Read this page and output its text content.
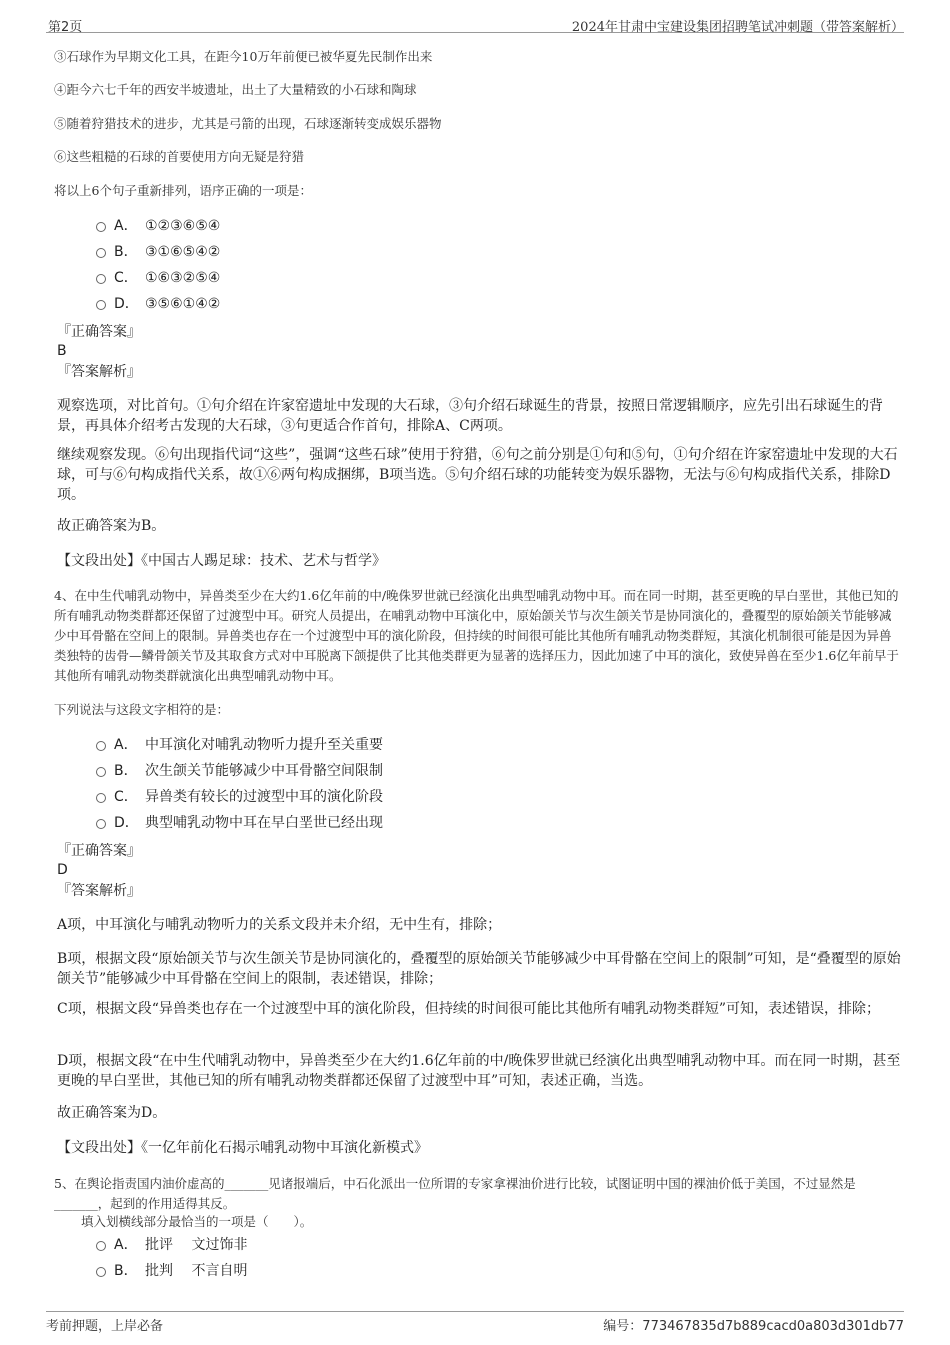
第2页	2024年甘肃中宝建设集团招聘笔试冲刺题（带答案解析）
③石球作为早期文化工具，在距今10万年前便已被华夏先民制作出来
④距今六七千年的西安半坡遗址，出土了大量精致的小石球和陶球
⑤随着狩猎技术的进步，尤其是弓箭的出现，石球逐渐转变成娱乐器物
⑥这些粗糙的石球的首要使用方向无疑是狩猎
将以上6个句子重新排列，语序正确的一项是：
A． ①②③⑥⑤④
B． ③①⑥⑤④②
C． ①⑥③②⑤④
D． ③⑤⑥①④②
『正确答案』
B
『答案解析』
观察选项，对比首句。①句介绍在许家窑遗址中发现的大石球，③句介绍石球诞生的背景，按照日常逻辑顺序，应先引出石球诞生的背景，再具体介绍考古发现的大石球，③句更适合作首句，排除A、C两项。
继续观察发现。⑥句出现指代词“这些”，强调“这些石球”使用于狩猎，⑥句之前分别是①句和⑤句，①句介绍在许家窑遗址中发现的大石球，可与⑥句构成指代关系，故①⑥两句构成捆绑，B项当选。⑤句介绍石球的功能转变为娱乐器物，无法与⑥句构成指代关系，排除D项。
故正确答案为B。
【文段出处】《中国古人踢足球：技术、艺术与哲学》
4、在中生代哺乳动物中，异兽类至少在大约1.6亿年前的中/晚侏罗世就已经演化出典型哺乳动物中耳。而在同一时期，甚至更晚的早白垩世，其他已知的所有哺乳动物类群都还保留了过渡型中耳。研究人员提出，在哺乳动物中耳演化中，原始颌关节与次生颌关节是协同演化的，叠覆型的原始颌关节能够减少中耳骨骼在空间上的限制。异兽类也存在一个过渡型中耳的演化阶段，但持续的时间很可能比其他所有哺乳动物类群短，其演化机制很可能是因为异兽类独特的齿骨—鳞骨颌关节及其取食方式对中耳脱离下颌提供了比其他类群更为显著的选择压力，因此加速了中耳的演化，致使异兽在至少1.6亿年前早于其他所有哺乳动物类群就演化出典型哺乳动物中耳。
下列说法与这段文字相符的是：
A． 中耳演化对哺乳动物听力提升至关重要
B． 次生颌关节能够减少中耳骨骼空间限制
C． 异兽类有较长的过渡型中耳的演化阶段
D． 典型哺乳动物中耳在早白垩世已经出现
『正确答案』
D
『答案解析』
A项，中耳演化与哺乳动物听力的关系文段并未介绍，无中生有，排除；
B项，根据文段“原始颌关节与次生颌关节是协同演化的，叠覆型的原始颌关节能够减少中耳骨骼在空间上的限制”可知，是“叠覆型的原始颌关节”能够减少中耳骨骼在空间上的限制，表述错误，排除；
C项，根据文段“异兽类也存在一个过渡型中耳的演化阶段，但持续的时间很可能比其他所有哺乳动物类群短”可知，表述错误，排除；
D项，根据文段“在中生代哺乳动物中，异兽类至少在大约1.6亿年前的中/晚侏罗世就已经演化出典型哺乳动物中耳。而在同一时期，甚至更晚的早白垩世，其他已知的所有哺乳动物类群都还保留了过渡型中耳”可知，表述正确，当选。
故正确答案为D。
【文段出处】《一亿年前化石揭示哺乳动物中耳演化新模式》
5、在舆论指责国内油价虚高的_______见诸报端后，中石化派出一位所谓的专家拿裸油价进行比较，试图证明中国的裸油价低于美国，不过显然是_______，起到的作用适得其反。
填入划横线部分最恰当的一项是（　　）。
A． 批评　 文过饰非
B． 批判　 不言自明
考前押题，上岸必备	编号：773467835d7b889cacd0a803d301db77
